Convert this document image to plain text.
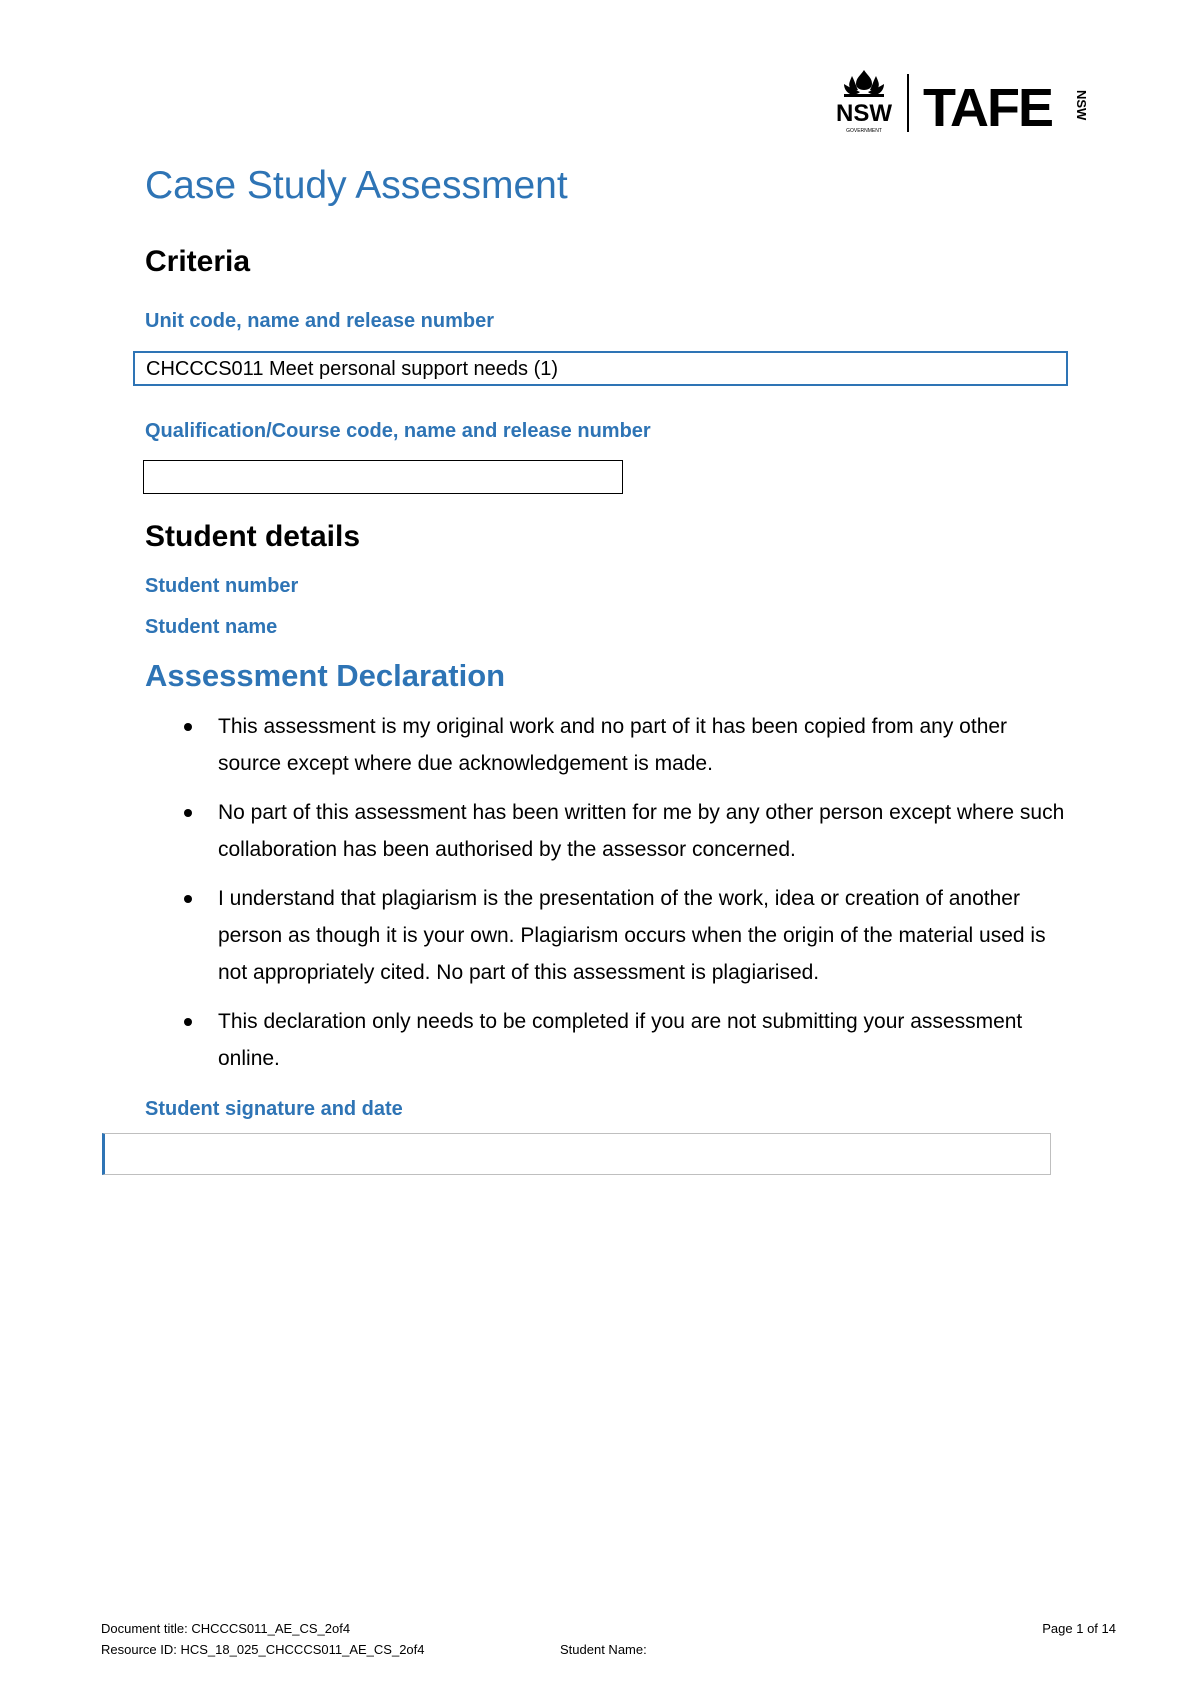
NSW
GOVERNMENT TAFE NSW
Case Study Assessment
Criteria
Unit code, name and release number
CHCCCS011 Meet personal support needs (1)
Qualification/Course code, name and release number
Student details
Student number
Student name
Assessment Declaration
This assessment is my original work and no part of it has been copied from any other source except where due acknowledgement is made.
No part of this assessment has been written for me by any other person except where such collaboration has been authorised by the assessor concerned.
I understand that plagiarism is the presentation of the work, idea or creation of another person as though it is your own. Plagiarism occurs when the origin of the material used is not appropriately cited. No part of this assessment is plagiarised.
This declaration only needs to be completed if you are not submitting your assessment online.
Student signature and date
Document title: CHCCCS011_AE_CS_2of4
Resource ID: HCS_18_025_CHCCCS011_AE_CS_2of4	Student Name:
Page 1 of 14
